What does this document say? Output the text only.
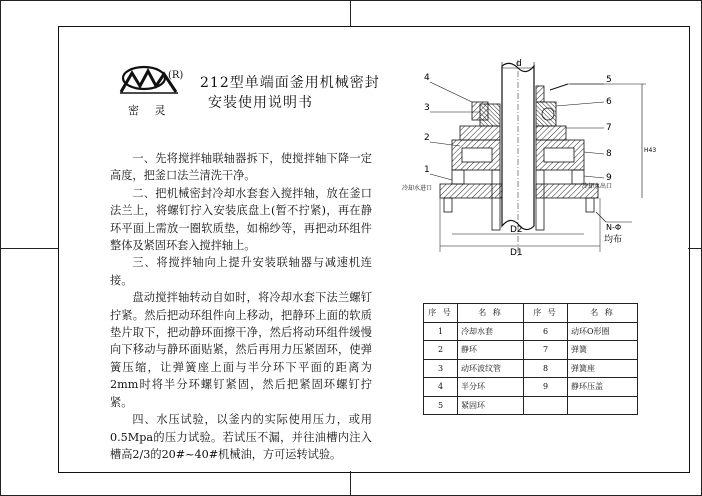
(R)
密 灵
212型单端面釜用机械密封
安装使用说明书

一、先将搅拌轴联轴器拆下，使搅拌轴下降一定高度，把釜口法兰清洗干净。

二、把机械密封冷却水套套入搅拌轴，放在釜口法兰上，将螺钉拧入安装底盘上(暂不拧紧)，再在静环平面上需放一圈软质垫，如棉纱等，再把动环组件整体及紧固环套入搅拌轴上。

三、将搅拌轴向上提升安装联轴器与减速机连接。

盘动搅拌轴转动自如时，将冷却水套下法兰螺钉拧紧。然后把动环组件向上移动，把静环上面的软质垫片取下，把动静环面擦干净，然后将动环组件缓慢向下移动与静环面贴紧，然后再用力压紧固环，使弹簧压缩，让弹簧座上面与半分环下平面的距离为2mm时将半分环螺钉紧固，然后把紧固环螺钉拧紧。

四、水压试验，以釜内的实际使用压力，或用0.5Mpa的压力试验。若试压不漏，并往油槽内注入槽高2/3的20#~40#机械油，方可运转试验。

d
D2
D1
H43
N-Φ
均布
冷却水进口	冷却水出口
4
3
2
1
5
6
7
8
9
序 号	名 称	序 号	名 称
1	冷却水套	6	动环O形圈
2	静环	7	弹簧
3	动环波纹管	8	弹簧座
4	半分环	9	静环压盖
5	紧固环		
